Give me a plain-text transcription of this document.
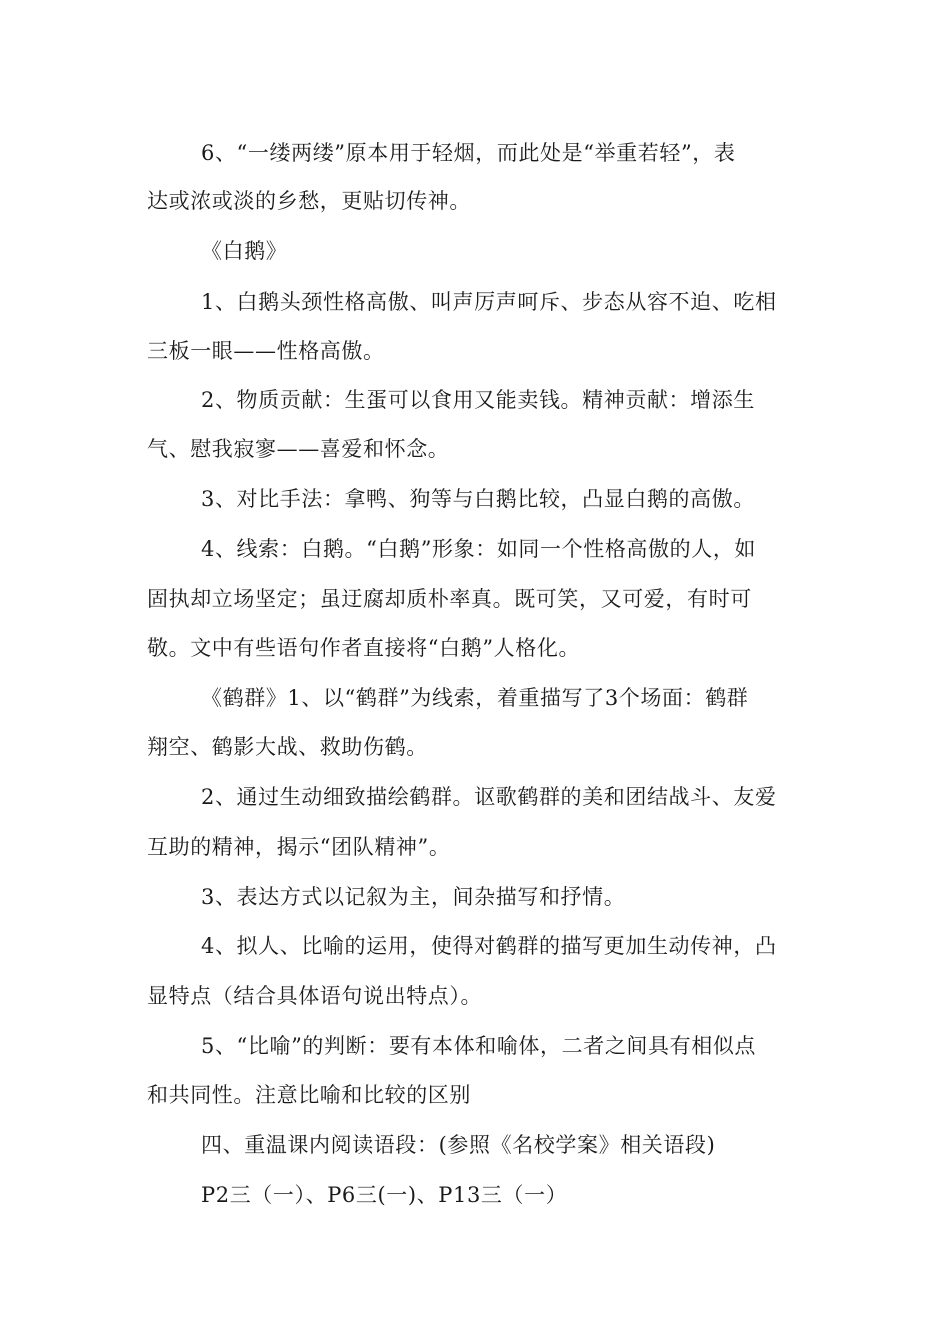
6、“一缕两缕”原本用于轻烟，而此处是“举重若轻”，表
达或浓或淡的乡愁，更贴切传神。
《白鹅》
1、白鹅头颈性格高傲、叫声厉声呵斥、步态从容不迫、吃相
三板一眼——性格高傲。
2、物质贡献：生蛋可以食用又能卖钱。精神贡献：增添生
气、慰我寂寥——喜爱和怀念。
3、对比手法：拿鸭、狗等与白鹅比较，凸显白鹅的高傲。
4、线索：白鹅。“白鹅”形象：如同一个性格高傲的人，如
固执却立场坚定；虽迂腐却质朴率真。既可笑，又可爱，有时可
敬。文中有些语句作者直接将“白鹅”人格化。
《鹤群》1、以“鹤群”为线索，着重描写了3个场面：鹤群
翔空、鹤影大战、救助伤鹤。
2、通过生动细致描绘鹤群。讴歌鹤群的美和团结战斗、友爱
互助的精神，揭示“团队精神”。
3、表达方式以记叙为主，间杂描写和抒情。
4、拟人、比喻的运用，使得对鹤群的描写更加生动传神，凸
显特点（结合具体语句说出特点）。
5、“比喻”的判断：要有本体和喻体，二者之间具有相似点
和共同性。注意比喻和比较的区别
四、重温课内阅读语段：(参照《名校学案》相关语段)
P2三（一）、P6三(一)、P13三（一）
